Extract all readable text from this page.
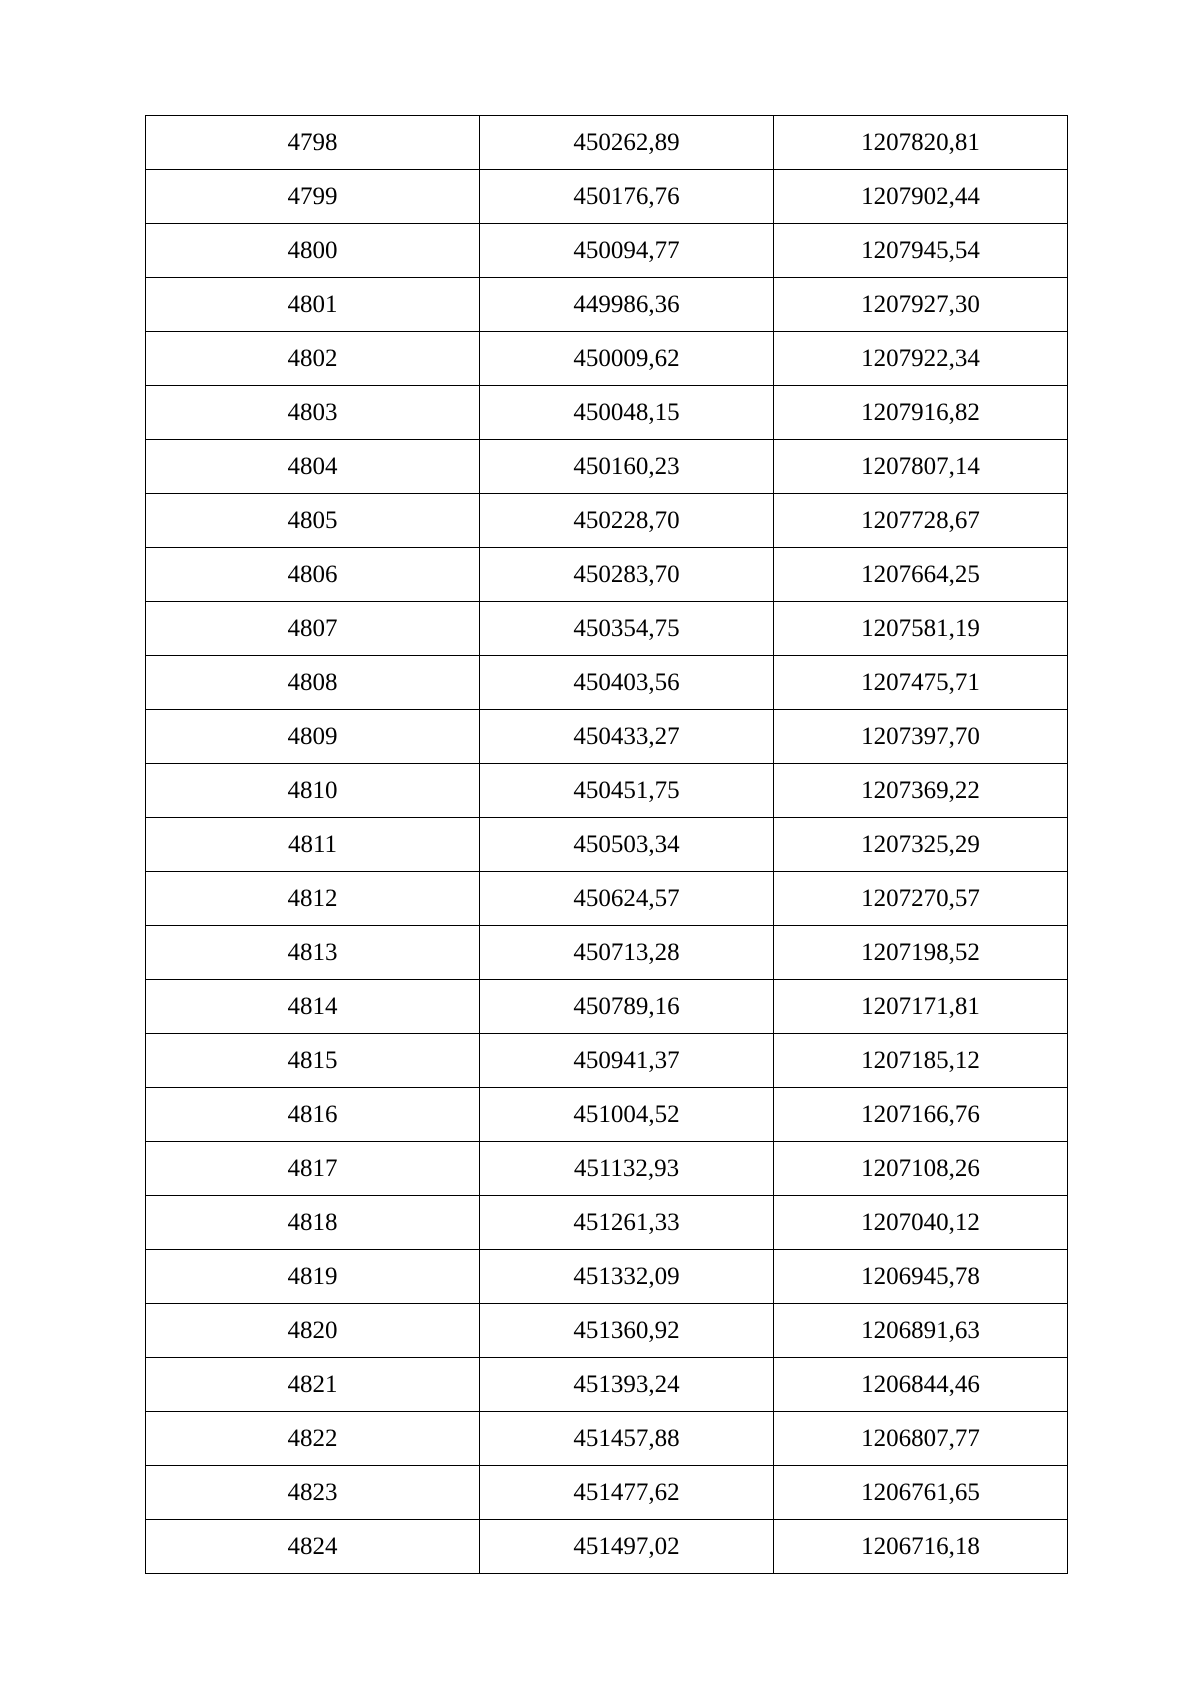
4798	450262,89	1207820,81
4799	450176,76	1207902,44
4800	450094,77	1207945,54
4801	449986,36	1207927,30
4802	450009,62	1207922,34
4803	450048,15	1207916,82
4804	450160,23	1207807,14
4805	450228,70	1207728,67
4806	450283,70	1207664,25
4807	450354,75	1207581,19
4808	450403,56	1207475,71
4809	450433,27	1207397,70
4810	450451,75	1207369,22
4811	450503,34	1207325,29
4812	450624,57	1207270,57
4813	450713,28	1207198,52
4814	450789,16	1207171,81
4815	450941,37	1207185,12
4816	451004,52	1207166,76
4817	451132,93	1207108,26
4818	451261,33	1207040,12
4819	451332,09	1206945,78
4820	451360,92	1206891,63
4821	451393,24	1206844,46
4822	451457,88	1206807,77
4823	451477,62	1206761,65
4824	451497,02	1206716,18
